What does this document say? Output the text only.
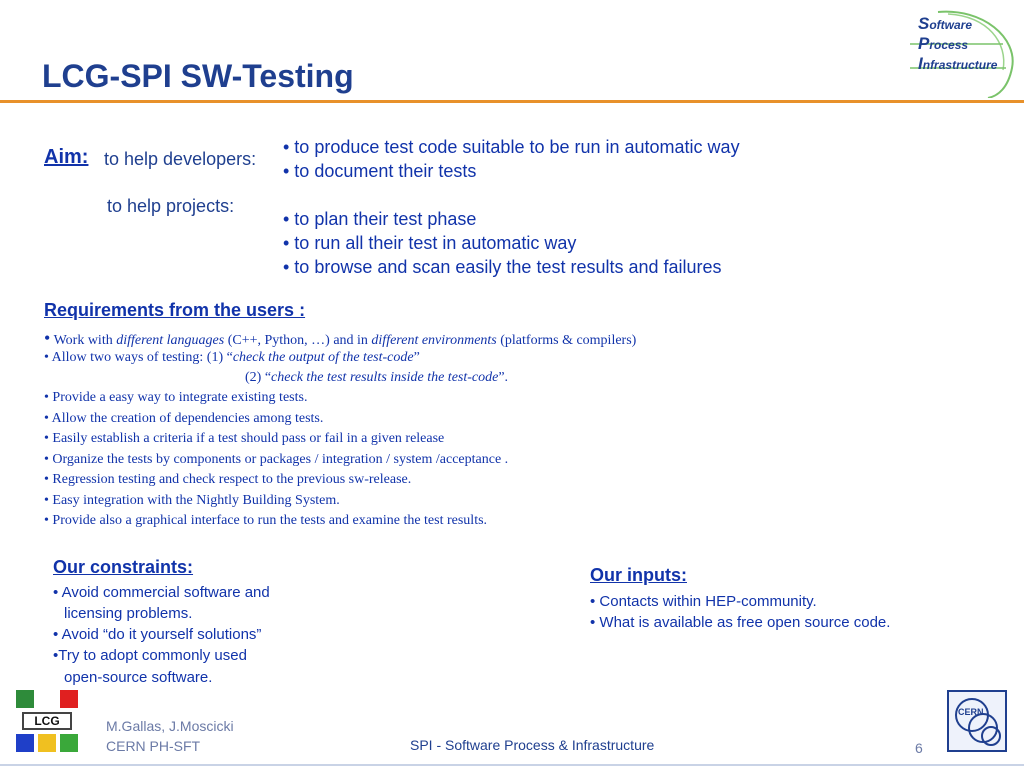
LCG-SPI SW-Testing
Software
Process
Infrastructure
Aim: to help developers:
• to produce test code suitable to be run in automatic way
• to document their tests
to help projects:
• to plan their test phase
• to run all their test in automatic way
• to browse and scan easily the test results and failures
Requirements from the users :
• Work with different languages (C++, Python, …) and in different environments (platforms & compilers)
• Allow two ways of testing: (1) “check the output of the test-code”
(2) “check the test results inside the test-code”.
• Provide a easy way to integrate existing tests.
• Allow the creation of dependencies among tests.
• Easily establish a criteria if a test should pass or fail in a given release
• Organize the tests by components or packages / integration / system /acceptance .
• Regression testing and check respect to the previous sw-release.
• Easy integration with the Nightly Building System.
• Provide also a graphical interface to run the tests and examine the test results.
Our constraints:
• Avoid commercial software and
licensing problems.
• Avoid “do it yourself solutions”
•Try to adopt commonly used
open-source software.
Our inputs:
• Contacts within HEP-community.
• What is available as free open source code.
LCG	M.Gallas, J.Moscicki
CERN PH-SFT	SPI - Software Process & Infrastructure	6
CERN
